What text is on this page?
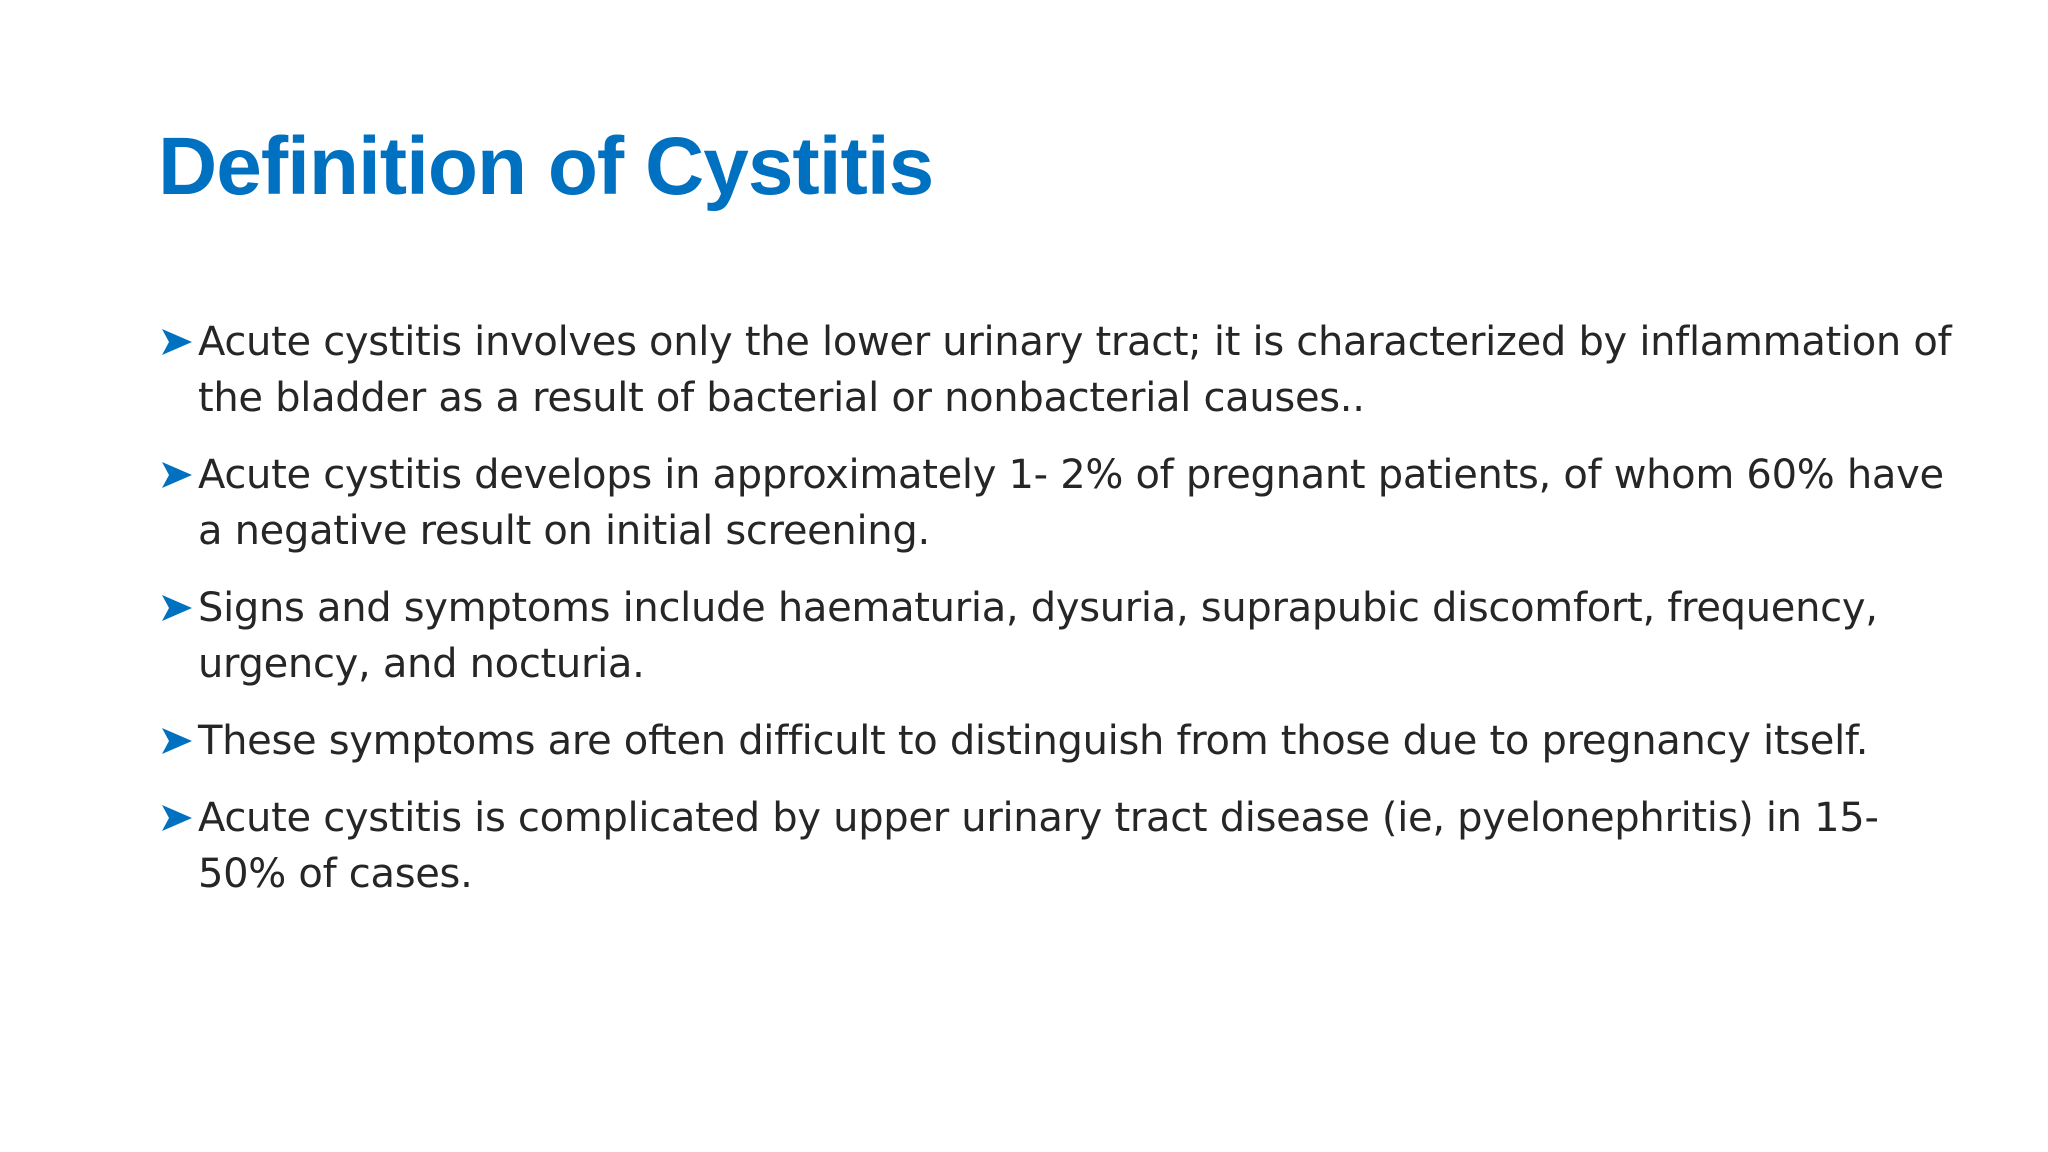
Definition of Cystitis
Acute cystitis involves only the lower urinary tract; it is characterized by inflammation of the bladder as a result of bacterial or nonbacterial causes..
Acute cystitis develops in approximately 1- 2% of pregnant patients, of whom 60% have a negative result on initial screening.
Signs and symptoms include haematuria, dysuria, suprapubic discomfort, frequency, urgency, and nocturia.
These symptoms are often difficult to distinguish from those due to pregnancy itself.
Acute cystitis is complicated by upper urinary tract disease (ie, pyelonephritis) in 15-50% of cases.
